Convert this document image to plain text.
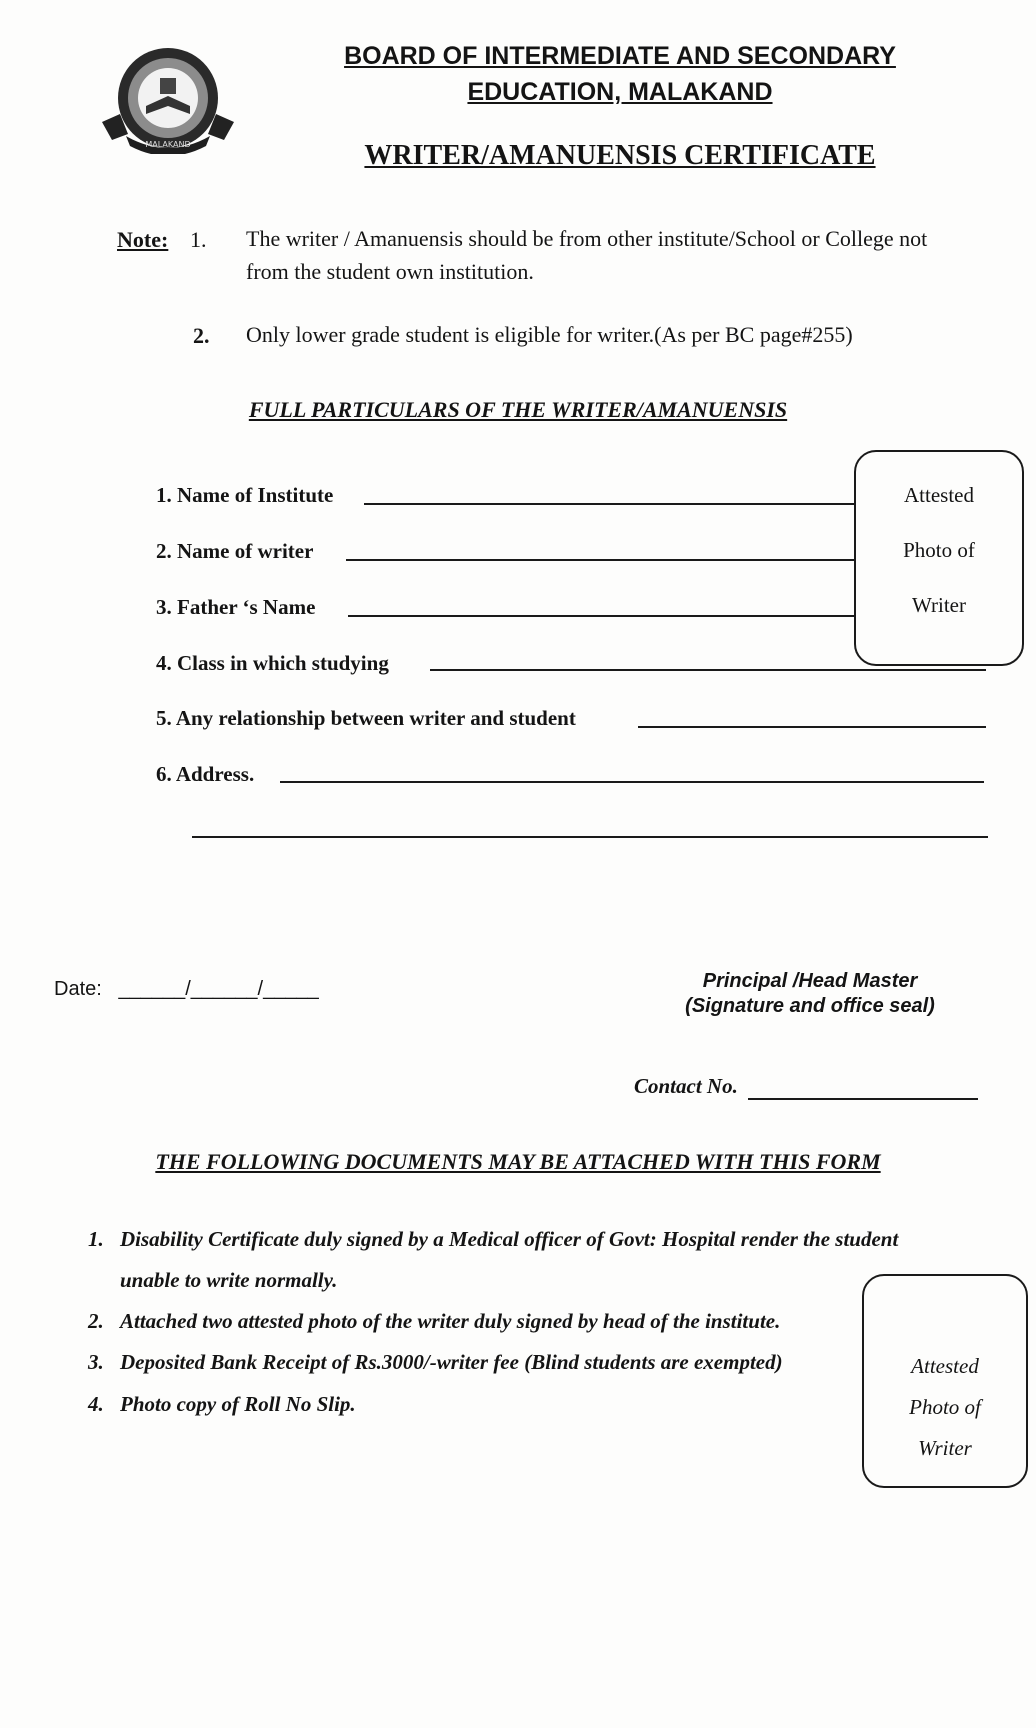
MALAKAND
BOARD OF INTERMEDIATE AND SECONDARY
EDUCATION, MALAKAND
WRITER/AMANUENSIS CERTIFICATE
Note: 1. The writer / Amanuensis should be from other institute/School or College not
from the student own institution.
2. Only lower grade student is eligible for writer.(As per BC page#255)
FULL PARTICULARS OF THE WRITER/AMANUENSIS
1. Name of Institute
2. Name of writer
3. Father ‘s Name
4. Class in which studying
5. Any relationship between writer and student
6. Address.
Attested
Photo of
Writer
Date: ______/______/_____	Principal /Head Master
(Signature and office seal)
Contact No.
THE FOLLOWING DOCUMENTS MAY BE ATTACHED WITH THIS FORM
1. Disability Certificate duly signed by a Medical officer of Govt: Hospital render the student
unable to write normally.
2. Attached two attested photo of the writer duly signed by head of the institute.
3. Deposited Bank Receipt of Rs.3000/-writer fee (Blind students are exempted)
4. Photo copy of Roll No Slip.
Attested
Photo of
Writer
